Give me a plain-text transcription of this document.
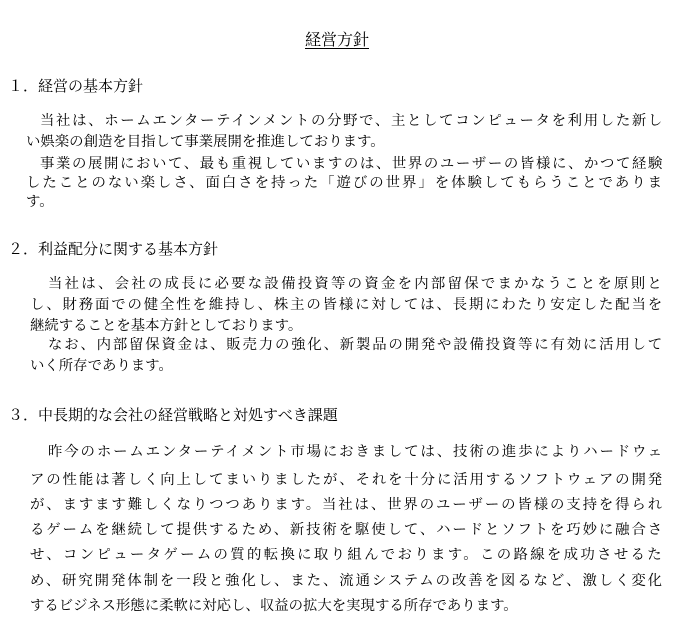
経営方針
１．経営の基本方針
当社は、ホームエンターテインメントの分野で、主としてコンピュータを利用した新し
い娯楽の創造を目指して事業展開を推進しております。
事業の展開において、最も重視していますのは、世界のユーザーの皆様に、かつて経験
したことのない楽しさ、面白さを持った「遊びの世界」を体験してもらうことでありま
す。
２．利益配分に関する基本方針
当社は、会社の成長に必要な設備投資等の資金を内部留保でまかなうことを原則と
し、財務面での健全性を維持し、株主の皆様に対しては、長期にわたり安定した配当を
継続することを基本方針としております。
なお、内部留保資金は、販売力の強化、新製品の開発や設備投資等に有効に活用して
いく所存であります。
３．中長期的な会社の経営戦略と対処すべき課題
昨今のホームエンターテイメント市場におきましては、技術の進歩によりハードウェ
アの性能は著しく向上してまいりましたが、それを十分に活用するソフトウェアの開発
が、ますます難しくなりつつあります。当社は、世界のユーザーの皆様の支持を得られ
るゲームを継続して提供するため、新技術を駆使して、ハードとソフトを巧妙に融合さ
せ、コンピュータゲームの質的転換に取り組んでおります。この路線を成功させるた
め、研究開発体制を一段と強化し、また、流通システムの改善を図るなど、激しく変化
するビジネス形態に柔軟に対応し、収益の拡大を実現する所存であります。
